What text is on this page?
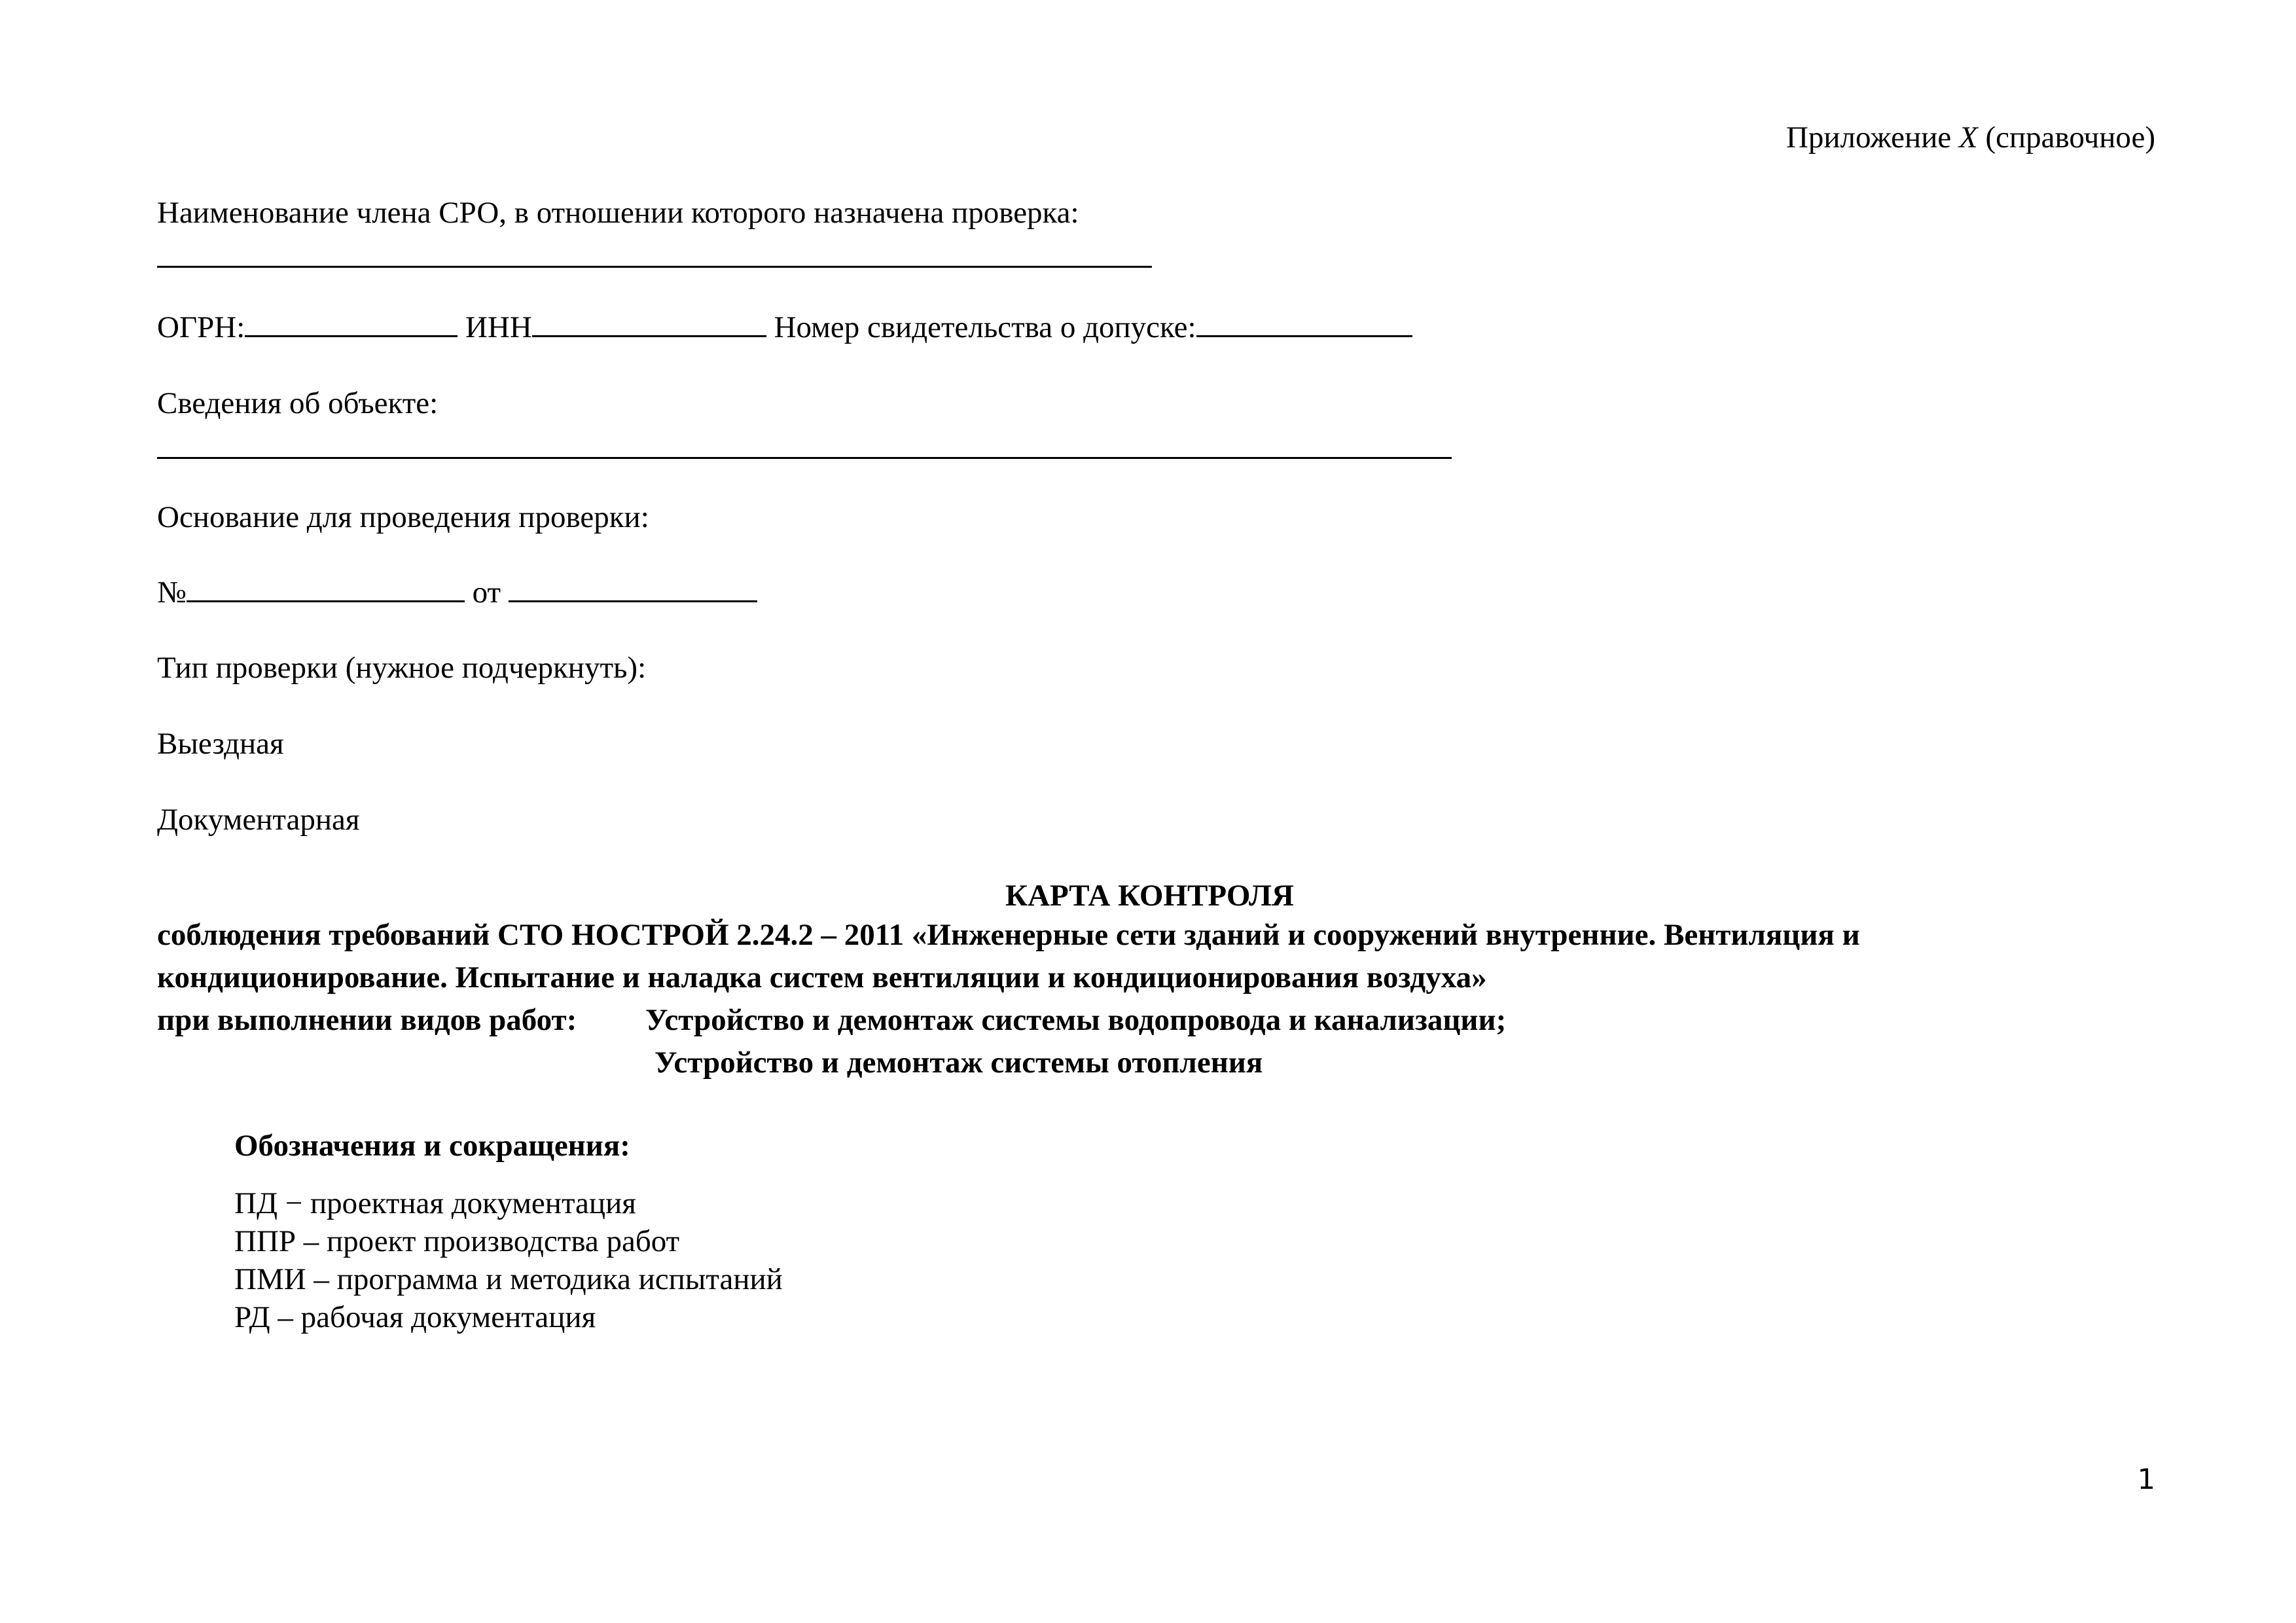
Приложение X (справочное)
Наименование члена СРО, в отношении которого назначена проверка:
ОГРН:	ИНН	Номер свидетельства о допуске:
Сведения об объекте:
Основание для проведения проверки:
№	от
Тип проверки (нужное подчеркнуть):
Выездная
Документарная
КАРТА КОНТРОЛЯ
соблюдения требований СТО НОСТРОЙ 2.24.2 – 2011 «Инженерные сети зданий и сооружений внутренние. Вентиляция и
кондиционирование. Испытание и наладка систем вентиляции и кондиционирования воздуха»
при выполнении видов работ: Устройство и демонтаж системы водопровода и канализации;
Устройство и демонтаж системы отопления
Обозначения и сокращения:
ПД − проектная документация
ППР – проект производства работ
ПМИ – программа и методика испытаний
РД – рабочая документация
1
